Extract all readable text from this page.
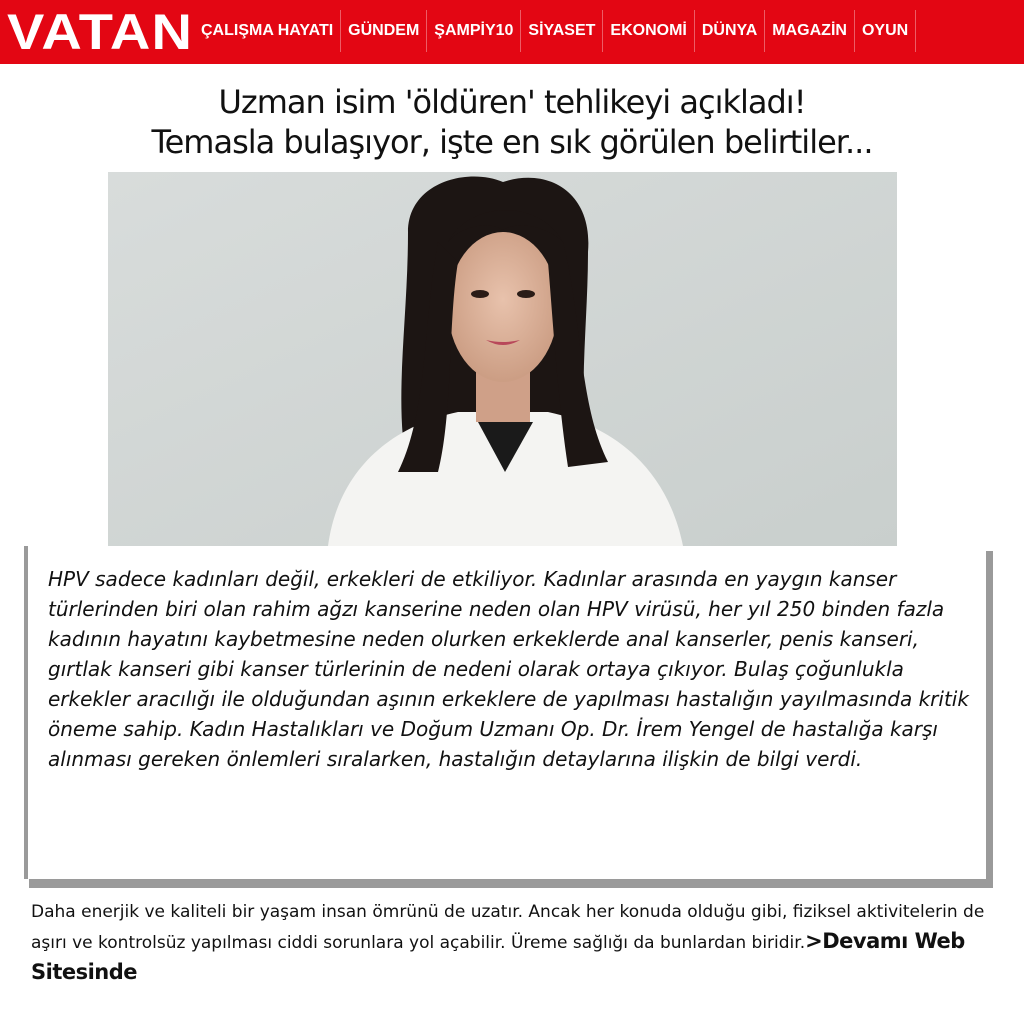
VATAN ÇALIŞMA HAYATI GÜNDEM ŞAMPİY10 SİYASET EKONOMİ DÜNYA MAGAZİN OYUN
Uzman isim 'öldüren' tehlikeyi açıkladı!
Temasla bulaşıyor, işte en sık görülen belirtiler...
HPV sadece kadınları değil, erkekleri de etkiliyor. Kadınlar arasında en yaygın kanser türlerinden biri olan rahim ağzı kanserine neden olan HPV virüsü, her yıl 250 binden fazla kadının hayatını kaybetmesine neden olurken erkeklerde anal kanserler, penis kanseri, gırtlak kanseri gibi kanser türlerinin de nedeni olarak ortaya çıkıyor. Bulaş çoğunlukla erkekler aracılığı ile olduğundan aşının erkeklere de yapılması hastalığın yayılmasında kritik öneme sahip. Kadın Hastalıkları ve Doğum Uzmanı Op. Dr. İrem Yengel de hastalığa karşı alınması gereken önlemleri sıralarken, hastalığın detaylarına ilişkin de bilgi verdi.
Daha enerjik ve kaliteli bir yaşam insan ömrünü de uzatır. Ancak her konuda olduğu gibi, fiziksel aktivitelerin de aşırı ve kontrolsüz yapılması ciddi sorunlara yol açabilir. Üreme sağlığı da bunlardan biridir.>Devamı Web Sitesinde
